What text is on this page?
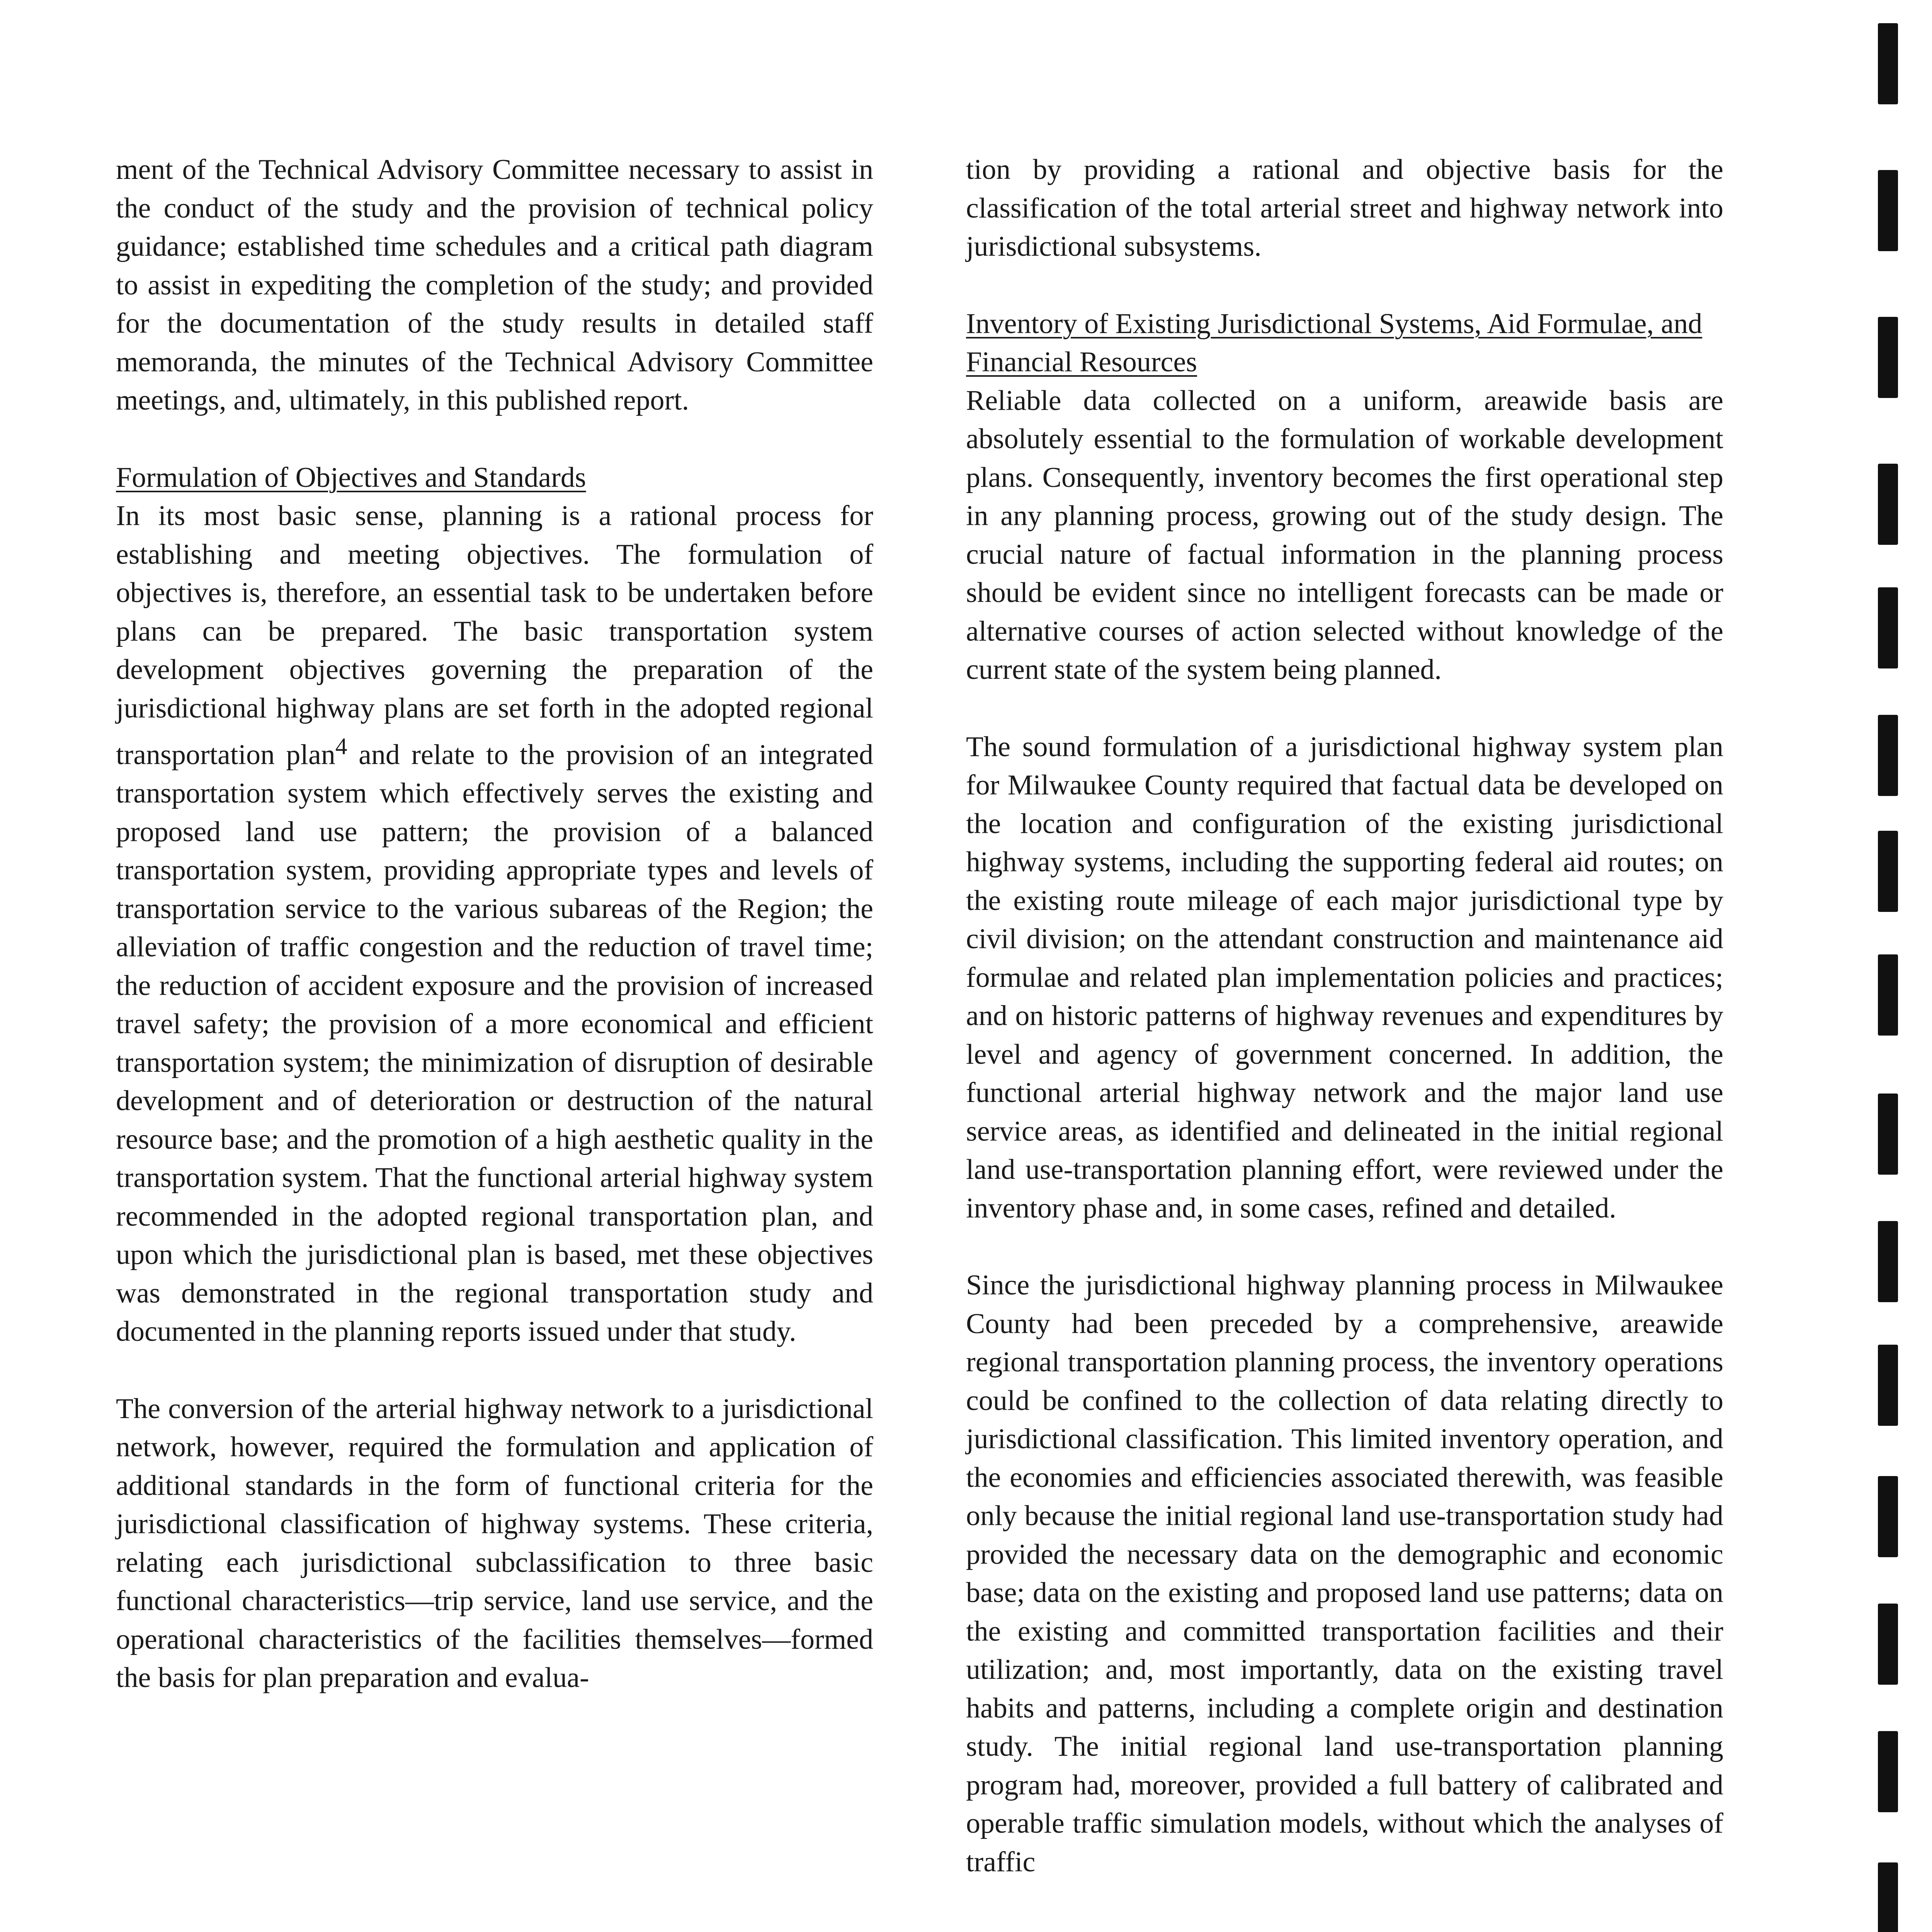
ment of the Technical Advisory Committee necessary to assist in the conduct of the study and the provision of technical policy guidance; established time schedules and a critical path diagram to assist in expediting the completion of the study; and provided for the documentation of the study results in detailed staff memoranda, the minutes of the Technical Advisory Committee meetings, and, ultimately, in this published report.

Formulation of Objectives and Standards

In its most basic sense, planning is a rational process for establishing and meeting objectives. The formulation of objectives is, therefore, an essential task to be undertaken before plans can be prepared. The basic transportation system development objectives governing the preparation of the jurisdictional highway plans are set forth in the adopted regional transportation plan$^4$ and relate to the provision of an integrated transportation system which effectively serves the existing and proposed land use pattern; the provision of a balanced transportation system, providing appropriate types and levels of transportation service to the various subareas of the Region; the alleviation of traffic congestion and the reduction of travel time; the reduction of accident exposure and the provision of increased travel safety; the provision of a more economical and efficient transportation system; the minimization of disruption of desirable development and of deterioration or destruction of the natural resource base; and the promotion of a high aesthetic quality in the transportation system. That the functional arterial highway system recommended in the adopted regional transportation plan, and upon which the jurisdictional plan is based, met these objectives was demonstrated in the regional transportation study and documented in the planning reports issued under that study.

The conversion of the arterial highway network to a jurisdictional network, however, required the formulation and application of additional standards in the form of functional criteria for the jurisdictional classification of highway systems. These criteria, relating each jurisdictional subclassification to three basic functional characteristics—trip service, land use service, and the operational characteristics of the facilities themselves—formed the basis for plan preparation and evalua-

tion by providing a rational and objective basis for the classification of the total arterial street and highway network into jurisdictional subsystems.

Inventory of Existing Jurisdictional Systems, Aid Formulae, and Financial Resources

Reliable data collected on a uniform, areawide basis are absolutely essential to the formulation of workable development plans. Consequently, inventory becomes the first operational step in any planning process, growing out of the study design. The crucial nature of factual information in the planning process should be evident since no intelligent forecasts can be made or alternative courses of action selected without knowledge of the current state of the system being planned.

The sound formulation of a jurisdictional highway system plan for Milwaukee County required that factual data be developed on the location and configuration of the existing jurisdictional highway systems, including the supporting federal aid routes; on the existing route mileage of each major jurisdictional type by civil division; on the attendant construction and maintenance aid formulae and related plan implementation policies and practices; and on historic patterns of highway revenues and expenditures by level and agency of government concerned. In addition, the functional arterial highway network and the major land use service areas, as identified and delineated in the initial regional land use-transportation planning effort, were reviewed under the inventory phase and, in some cases, refined and detailed.

Since the jurisdictional highway planning process in Milwaukee County had been preceded by a comprehensive, areawide regional transportation planning process, the inventory operations could be confined to the collection of data relating directly to jurisdictional classification. This limited inventory operation, and the economies and efficiencies associated therewith, was feasible only because the initial regional land use-transportation study had provided the necessary data on the demographic and economic base; data on the existing and proposed land use patterns; data on the existing and committed transportation facilities and their utilization; and, most importantly, data on the existing travel habits and patterns, including a complete origin and destination study. The initial regional land use-transportation planning program had, moreover, provided a full battery of calibrated and operable traffic simulation models, without which the analyses of traffic
